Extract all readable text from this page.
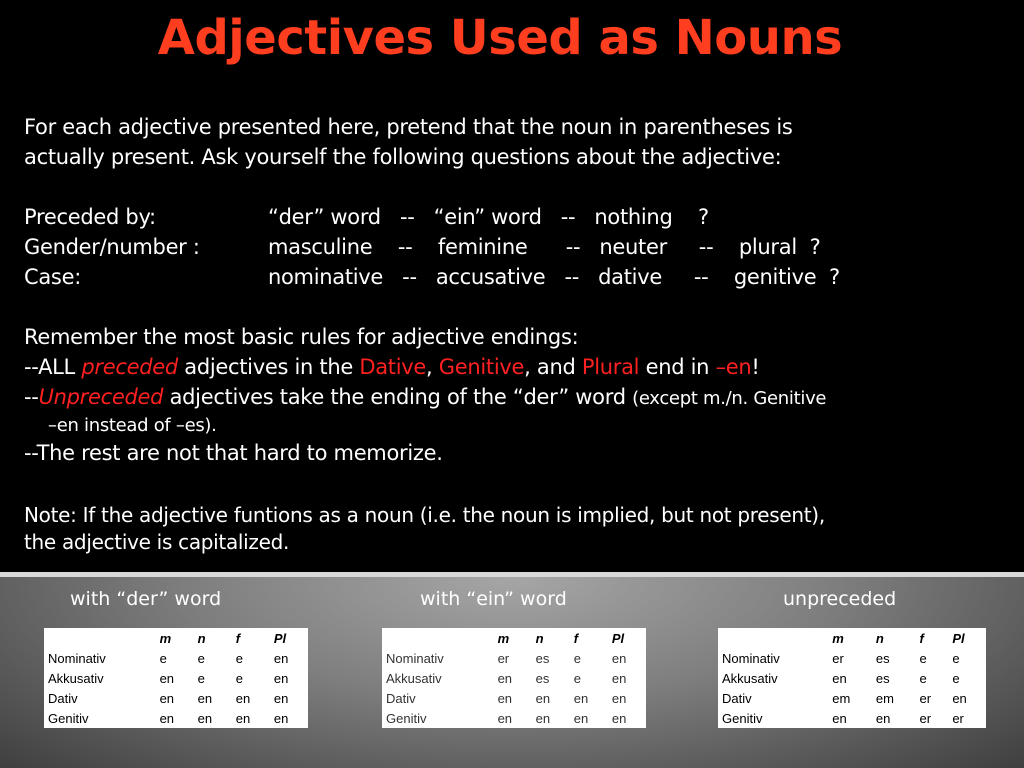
Adjectives Used as Nouns
For each adjective presented here, pretend that the noun in parentheses is
actually present. Ask yourself the following questions about the adjective:
Preceded by:	“der” word   --   “ein” word   --   nothing    ?
Gender/number :	masculine    --    feminine      --   neuter     --    plural  ?
Case:	nominative   --   accusative   --   dative     --    genitive  ?
Remember the most basic rules for adjective endings:
--ALL preceded adjectives in the Dative, Genitive, and Plural end in –en!
--Unpreceded adjectives take the ending of the “der” word (except m./n. Genitive
–en instead of –es).
--The rest are not that hard to memorize.
Note: If the adjective funtions as a noun (i.e. the noun is implied, but not present),
the adjective is capitalized.
with “der” word	with “ein” word	unpreceded
	m	n	f	Pl
Nominativ	e	e	e	en
Akkusativ	en	e	e	en
Dativ	en	en	en	en
Genitiv	en	en	en	en
	m	n	f	Pl
Nominativ	er	es	e	en
Akkusativ	en	es	e	en
Dativ	en	en	en	en
Genitiv	en	en	en	en
	m	n	f	Pl
Nominativ	er	es	e	e
Akkusativ	en	es	e	e
Dativ	em	em	er	en
Genitiv	en	en	er	er
